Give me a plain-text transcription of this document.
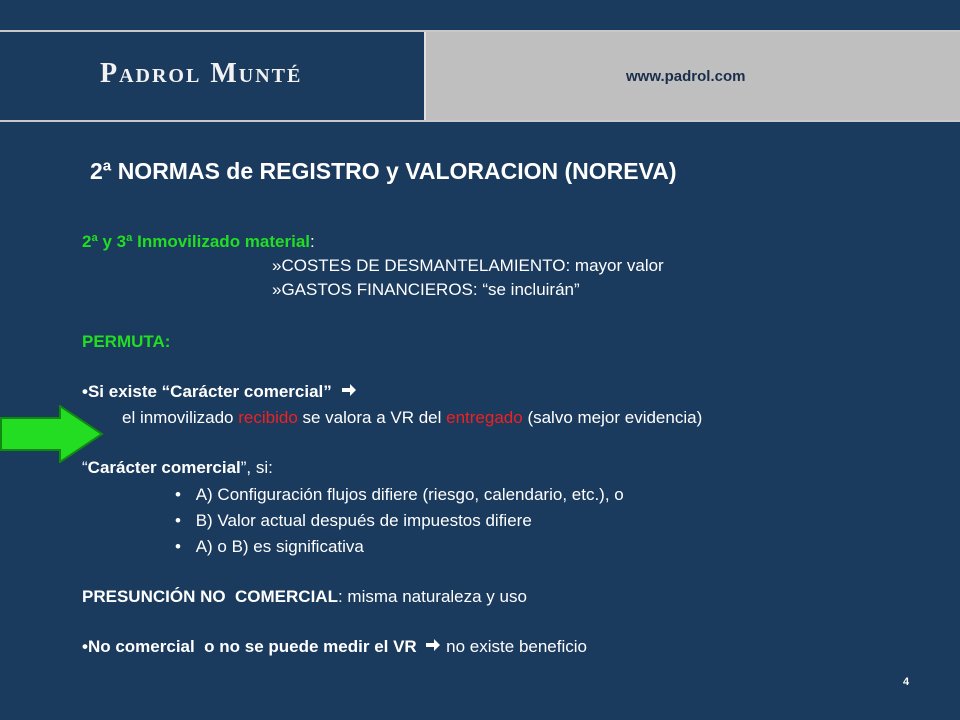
Padrol Munté	www.padrol.com
2ª NORMAS de REGISTRO y VALORACION (NOREVA)
2ª y 3ª Inmovilizado material:
»COSTES DE DESMANTELAMIENTO: mayor valor
»GASTOS FINANCIEROS: “se incluirán”
PERMUTA:
•Si existe “Carácter comercial”
el inmovilizado recibido se valora a VR del entregado (salvo mejor evidencia)
“Carácter comercial”, si:
• A) Configuración flujos difiere (riesgo, calendario, etc.), o
• B) Valor actual después de impuestos difiere
• A) o B) es significativa
PRESUNCIÓN NO  COMERCIAL: misma naturaleza y uso
•No comercial  o no se puede medir el VR  no existe beneficio
4
